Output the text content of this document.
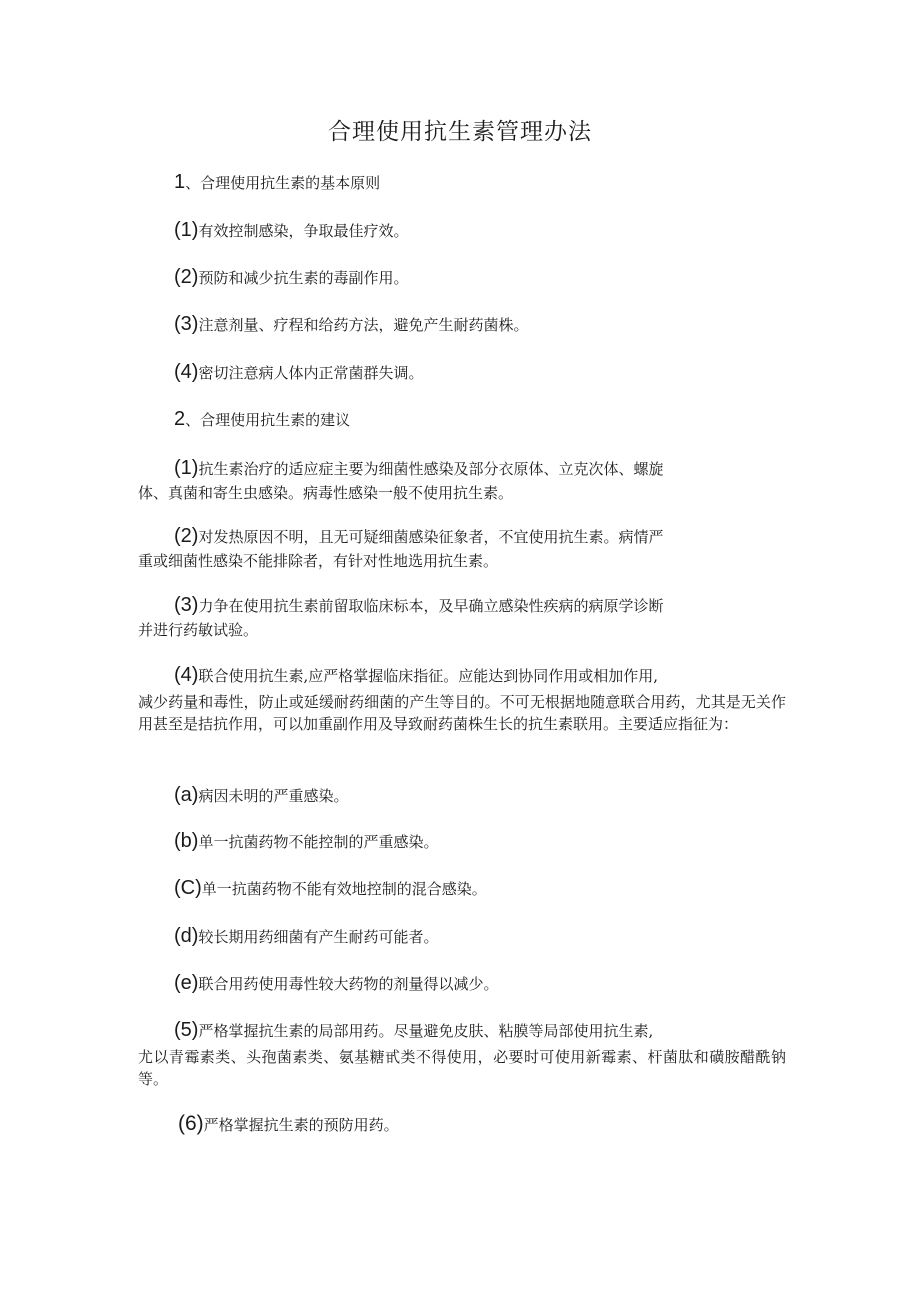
合理使用抗生素管理办法
1、合理使用抗生素的基本原则
(1)有效控制感染，争取最佳疗效。
(2)预防和减少抗生素的毒副作用。
(3)注意剂量、疗程和给药方法，避免产生耐药菌株。
(4)密切注意病人体内正常菌群失调。
2、合理使用抗生素的建议
(1)抗生素治疗的适应症主要为细菌性感染及部分衣原体、立克次体、螺旋
体、真菌和寄生虫感染。病毒性感染一般不使用抗生素。
(2)对发热原因不明，且无可疑细菌感染征象者，不宜使用抗生素。病情严
重或细菌性感染不能排除者，有针对性地选用抗生素。
(3)力争在使用抗生素前留取临床标本，及早确立感染性疾病的病原学诊断
并进行药敏试验。
(4)联合使用抗生素,应严格掌握临床指征。应能达到协同作用或相加作用,
减少药量和毒性，防止或延缓耐药细菌的产生等目的。不可无根据地随意联合用药，尤其是无关作用甚至是拮抗作用，可以加重副作用及导致耐药菌株生长的抗生素联用。主要适应指征为：
(a)病因未明的严重感染。
(b)单一抗菌药物不能控制的严重感染。
(C)单一抗菌药物不能有效地控制的混合感染。
(d)较长期用药细菌有产生耐药可能者。
(e)联合用药使用毒性较大药物的剂量得以减少。
(5)严格掌握抗生素的局部用药。尽量避免皮肤、粘膜等局部使用抗生素,
尤以青霉素类、头孢菌素类、氨基糖甙类不得使用，必要时可使用新霉素、杆菌肽和磺胺醋酰钠等。
(6)严格掌握抗生素的预防用药。
